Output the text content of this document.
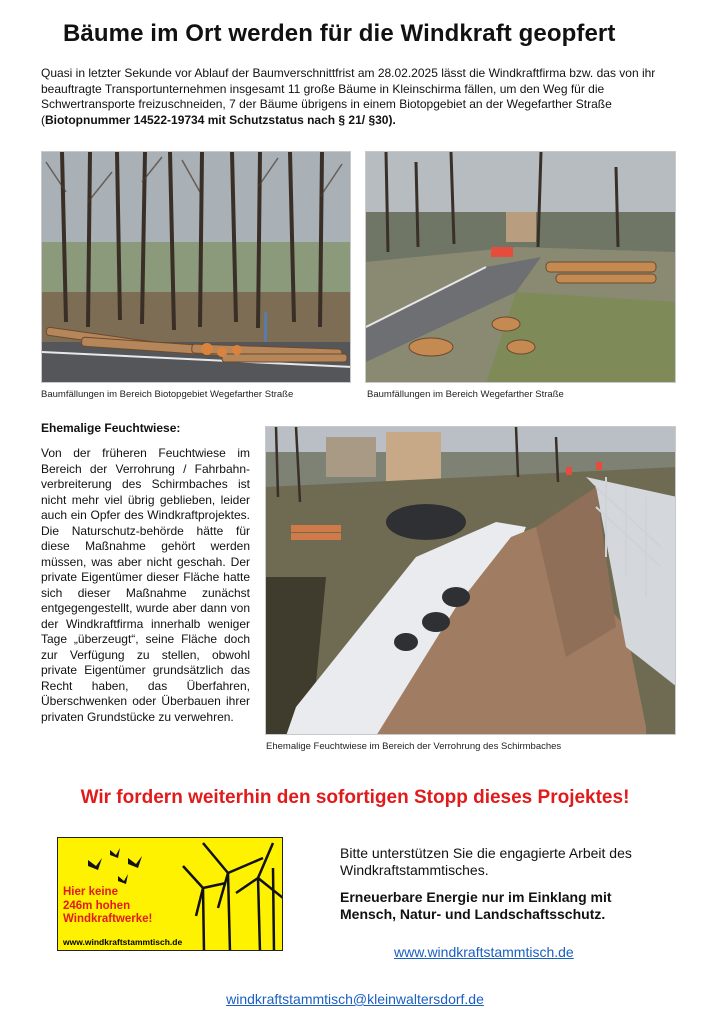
Bäume im Ort werden für die Windkraft geopfert
Quasi in letzter Sekunde vor Ablauf der Baumverschnittfrist am 28.02.2025 lässt die Windkraftfirma bzw. das von ihr beauftragte Transportunternehmen insgesamt 11 große Bäume in Kleinschirma fällen, um den Weg für die Schwertransporte freizuschneiden, 7 der Bäume übrigens in einem Biotopgebiet an der Wegefarther Straße (Biotopnummer 14522-19734 mit Schutzstatus nach § 21/ §30).
Baumfällungen im Bereich Biotopgebiet Wegefarther Straße	Baumfällungen im Bereich Wegefarther Straße
Ehemalige Feuchtwiese:
Von der früheren Feuchtwiese im Bereich der Verrohrung / Fahrbahn-verbreiterung des Schirmbaches ist nicht mehr viel übrig geblieben, leider auch ein Opfer des Windkraftprojektes. Die Naturschutz-behörde hätte für diese Maßnahme gehört werden müssen, was aber nicht geschah. Der private Eigentümer dieser Fläche hatte sich dieser Maßnahme zunächst entgegengestellt, wurde aber dann von der Windkraftfirma innerhalb weniger Tage „überzeugt“, seine Fläche doch zur Verfügung zu stellen, obwohl private Eigentümer grundsätzlich das Recht haben, das Überfahren, Überschwenken oder Überbauen ihrer privaten Grundstücke zu verwehren.
Ehemalige Feuchtwiese im Bereich der Verrohrung des Schirmbaches
Wir fordern weiterhin den sofortigen Stopp dieses Projektes!
Hier keine
246m hohen
Windkraftwerke!
www.windkraftstammtisch.de
Bitte unterstützen Sie die engagierte Arbeit des Windkraftstammtisches.
Erneuerbare Energie nur im Einklang mit Mensch, Natur- und Landschaftsschutz.
www.windkraftstammtisch.de
windkraftstammtisch@kleinwaltersdorf.de
